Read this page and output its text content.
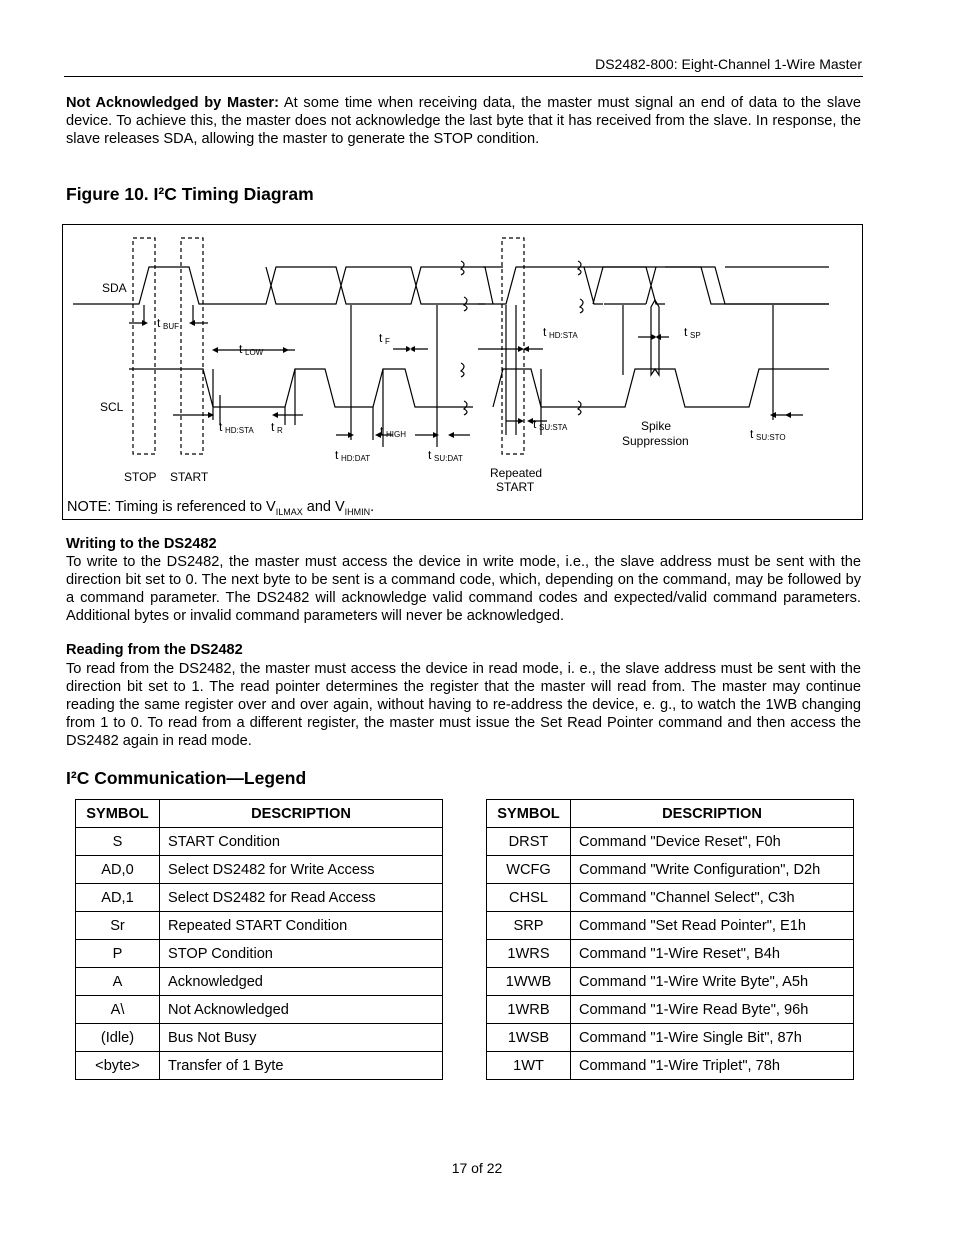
DS2482-800: Eight-Channel 1-Wire Master
Not Acknowledged by Master: At some time when receiving data, the master must signal an end of data to the slave device. To achieve this, the master does not acknowledge the last byte that it has received from the slave. In response, the slave releases SDA, allowing the master to generate the STOP condition.
Figure 10. I²C Timing Diagram
SDA
SCL
STOP START	Repeated
START
Spike
Suppression
t BUF
t LOW
t F
t HD:STA	t SP
t HD:STA t R	t HIGH
t HD:DAT	t SU:DAT
t SU:STA	t SU:STO
NOTE: Timing is referenced to $V_{ILMAX}$ and $V_{IHMIN}$.
Writing to the DS2482
To write to the DS2482, the master must access the device in write mode, i.e., the slave address must be sent with the direction bit set to 0. The next byte to be sent is a command code, which, depending on the command, may be followed by a command parameter. The DS2482 will acknowledge valid command codes and expected/valid command parameters. Additional bytes or invalid command parameters will never be acknowledged.
Reading from the DS2482
To read from the DS2482, the master must access the device in read mode, i. e., the slave address must be sent with the direction bit set to 1. The read pointer determines the register that the master will read from. The master may continue reading the same register over and over again, without having to re-address the device, e. g., to watch the 1WB changing from 1 to 0. To read from a different register, the master must issue the Set Read Pointer command and then access the DS2482 again in read mode.
I²C Communication—Legend
SYMBOL	DESCRIPTION
S	START Condition
AD,0	Select DS2482 for Write Access
AD,1	Select DS2482 for Read Access
Sr	Repeated START Condition
P	STOP Condition
A	Acknowledged
A\	Not Acknowledged
(Idle)	Bus Not Busy
<byte>	Transfer of 1 Byte
SYMBOL	DESCRIPTION
DRST	Command "Device Reset", F0h
WCFG	Command "Write Configuration", D2h
CHSL	Command "Channel Select", C3h
SRP	Command "Set Read Pointer", E1h
1WRS	Command "1-Wire Reset", B4h
1WWB	Command "1-Wire Write Byte", A5h
1WRB	Command "1-Wire Read Byte", 96h
1WSB	Command "1-Wire Single Bit", 87h
1WT	Command "1-Wire Triplet", 78h
17 of 22
